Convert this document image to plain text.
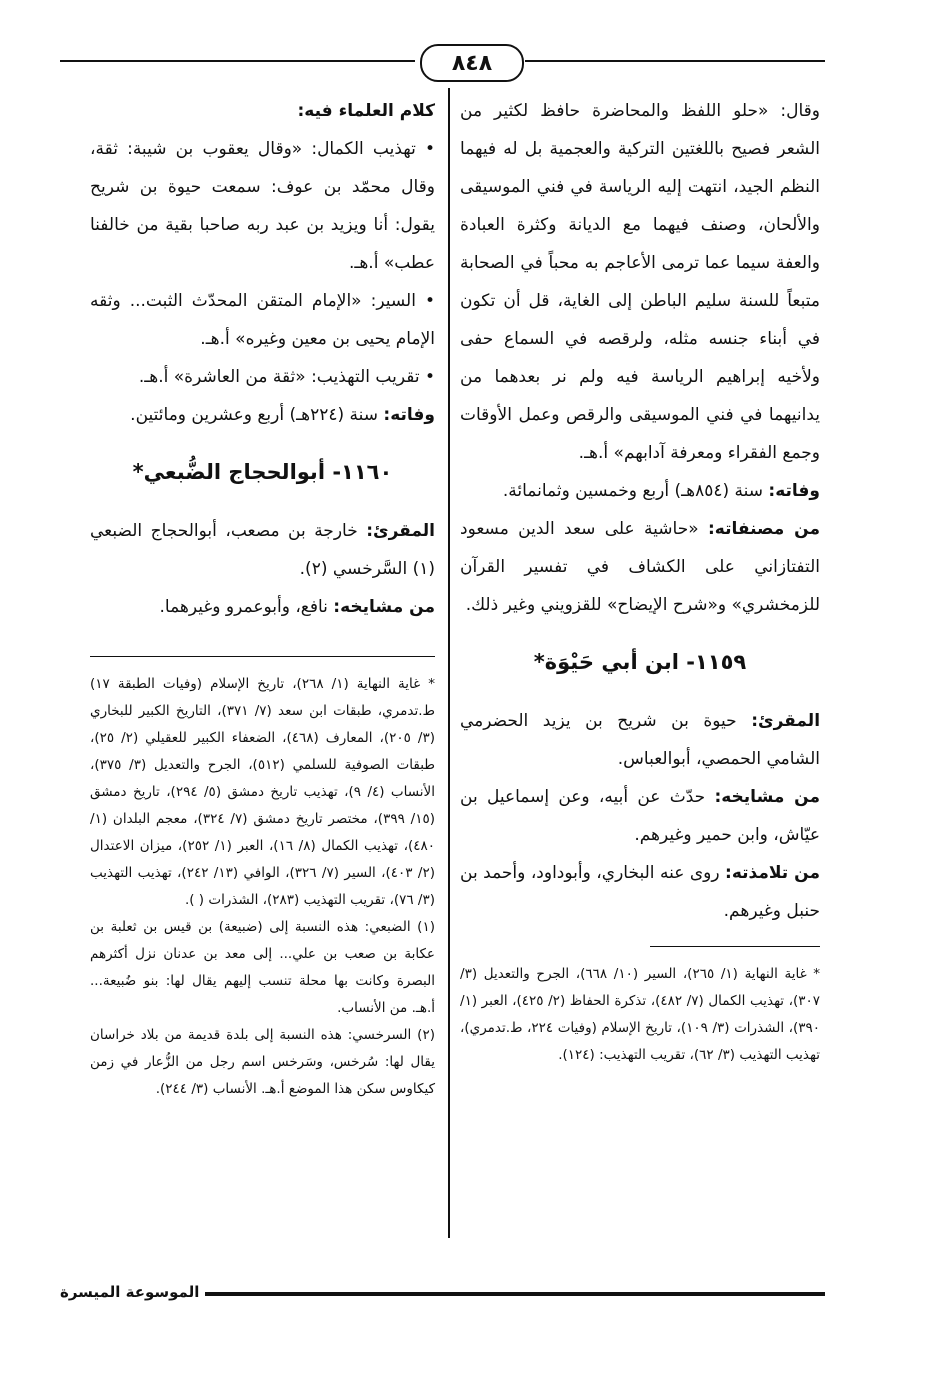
٨٤٨

وقال: «حلو اللفظ والمحاضرة حافظ لكثير من الشعر فصيح باللغتين التركية والعجمية بل له فيهما النظم الجيد، انتهت إليه الرياسة في فني الموسيقى والألحان، وصنف فيهما مع الديانة وكثرة العبادة والعفة سيما عما ترمى الأعاجم به محباً في الصحابة متبعاً للسنة سليم الباطن إلى الغاية، قل أن تكون في أبناء جنسه مثله، ولرقصه في السماع حفى ولأخيه إبراهيم الرياسة فيه ولم نر بعدهما من يدانيهما في فني الموسيقى والرقص وعمل الأوقات وجمع الفقراء ومعرفة آدابهم» أ.هـ.

وفاته: سنة (٨٥٤هـ) أربع وخمسين وثمانمائة.

من مصنفاته: «حاشية على سعد الدين مسعود التفتازاني على الكشاف في تفسير القرآن للزمخشري» و«شرح الإيضاح» للقزويني وغير ذلك.

١١٥٩- ابن أبي حَيْوَة*

المقرئ: حيوة بن شريح بن يزيد الحضرمي الشامي الحمصي، أبوالعباس.

من مشايخه: حدّث عن أبيه، وعن إسماعيل بن عيّاش، وابن حمير وغيرهم.

من تلامذته: روى عنه البخاري، وأبوداود، وأحمد بن حنبل وغيرهم.

* غاية النهاية (١/ ٢٦٥)، السير (١٠/ ٦٦٨)، الجرح والتعديل (٣/ ٣٠٧)، تهذيب الكمال (٧/ ٤٨٢)، تذكرة الحفاظ (٢/ ٤٢٥)، العبر (١/ ٣٩٠)، الشذرات (٣/ ١٠٩)، تاريخ الإسلام (وفيات ٢٢٤، ط.تدمري)، تهذيب التهذيب (٣/ ٦٢)، تقريب التهذيب: (١٢٤).

كلام العلماء فيه:

• تهذيب الكمال: «وقال يعقوب بن شيبة: ثقة، وقال محمّد بن عوف: سمعت حيوة بن شريح يقول: أنا ويزيد بن عبد ربه صاحبا بقية من خالفنا عطب» أ.هـ.

• السير: «الإمام المتقن المحدّث الثبت... وثقه الإمام يحيى بن معين وغيره» أ.هـ.

• تقريب التهذيب: «ثقة من العاشرة» أ.هـ.

وفاته: سنة (٢٢٤هـ) أربع وعشرين ومائتين.

١١٦٠- أبوالحجاج الضُّبعي*

المقرئ: خارجة بن مصعب، أبوالحجاج الضبعي (١) السَّرخسي (٢).

من مشايخه: نافع، وأبوعمرو وغيرهما.

* غاية النهاية (١/ ٢٦٨)، تاريخ الإسلام (وفيات الطبقة ١٧) ط.تدمري، طبقات ابن سعد (٧/ ٣٧١)، التاريخ الكبير للبخاري (٣/ ٢٠٥)، المعارف (٤٦٨)، الضعفاء الكبير للعقيلي (٢/ ٢٥)، طبقات الصوفية للسلمي (٥١٢)، الجرح والتعديل (٣/ ٣٧٥)، الأنساب (٤/ ٩)، تهذيب تاريخ دمشق (٥/ ٢٩٤)، تاريخ دمشق (١٥/ ٣٩٩)، مختصر تاريخ دمشق (٧/ ٣٢٤)، معجم البلدان (١/ ٤٨٠)، تهذيب الكمال (٨/ ١٦)، العبر (١/ ٢٥٢)، ميزان الاعتدال (٢/ ٤٠٣)، السير (٧/ ٣٢٦)، الوافي (١٣/ ٢٤٢)، تهذيب التهذيب (٣/ ٧٦)، تقريب التهذيب (٢٨٣)، الشذرات ( ).

(١) الضبعي: هذه النسبة إلى (ضبيعة) بن قيس بن ثعلبة بن عكابة بن صعب بن علي... إلى معد بن عدنان نزل أكثرهم البصرة وكانت بها محلة تنسب إليهم يقال لها: بنو ضُبيعة... أ.هـ. من الأنساب.

(٢) السرخسي: هذه النسبة إلى بلدة قديمة من بلاد خراسان يقال لها: سُرخس، وسَرخس اسم رجل من الزُّعار في زمن كيكاوس سكن هذا الموضع أ.هـ. الأنساب (٣/ ٢٤٤).

الموسوعة الميسرة
